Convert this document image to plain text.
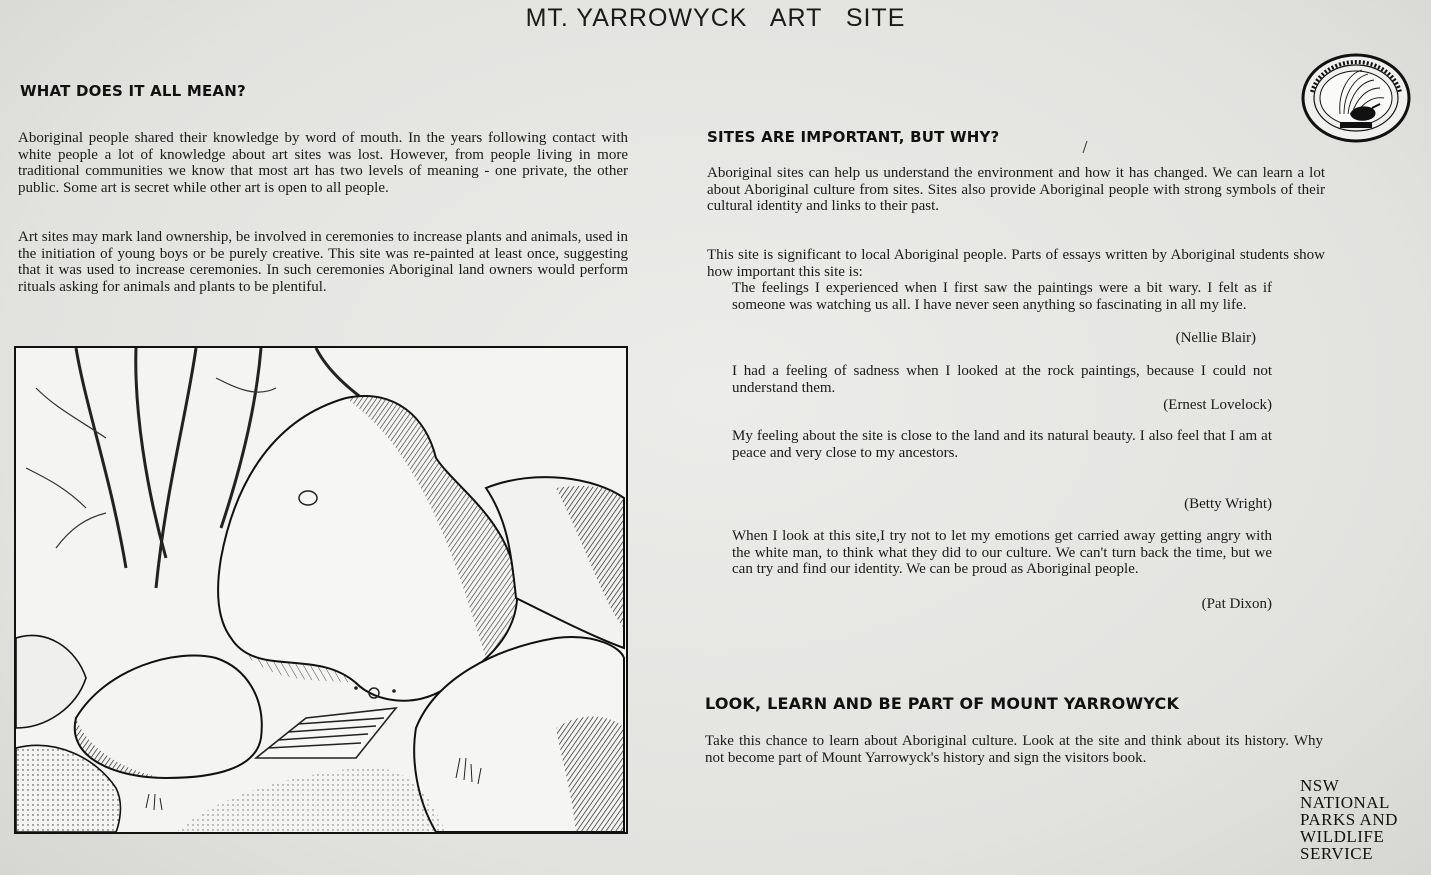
MT. YARROWYCK   ART   SITE
WHAT DOES IT ALL MEAN?

Aboriginal people shared their knowledge by word of mouth. In the years following contact with white people a lot of knowledge about art sites was lost. However, from people living in more traditional communities we know that most art has two levels of meaning - one private, the other public. Some art is secret while other art is open to all people.

Art sites may mark land ownership, be involved in ceremonies to increase plants and animals, used in the initiation of young boys or be purely creative. This site was re-painted at least once, suggesting that it was used to increase ceremonies. In such ceremonies Aboriginal land owners would perform rituals asking for animals and plants to be plentiful.

SITES ARE IMPORTANT, BUT WHY?

Aboriginal sites can help us understand the environment and how it has changed. We can learn a lot about Aboriginal culture from sites. Sites also provide Aboriginal people with strong symbols of their cultural identity and links to their past.

This site is significant to local Aboriginal people. Parts of essays written by Aboriginal students show how important this site is:

The feelings I experienced when I first saw the paintings were a bit wary. I felt as if someone was watching us all. I have never seen anything so fascinating in all my life.

(Nellie Blair)

I had a feeling of sadness when I looked at the rock paintings, because I could not understand them.

(Ernest Lovelock)

My feeling about the site is close to the land and its natural beauty. I also feel that I am at peace and very close to my ancestors.

(Betty Wright)

When I look at this site,I try not to let my emotions get carried away getting angry with the white man, to think what they did to our culture. We can't turn back the time, but we can try and find our identity. We can be proud as Aboriginal people.

(Pat Dixon)

LOOK, LEARN AND BE PART OF MOUNT YARROWYCK

Take this chance to learn about Aboriginal culture. Look at the site and think about its history. Why not become part of Mount Yarrowyck's history and sign the visitors book.

NSW
NATIONAL
PARKS AND
WILDLIFE
SERVICE
